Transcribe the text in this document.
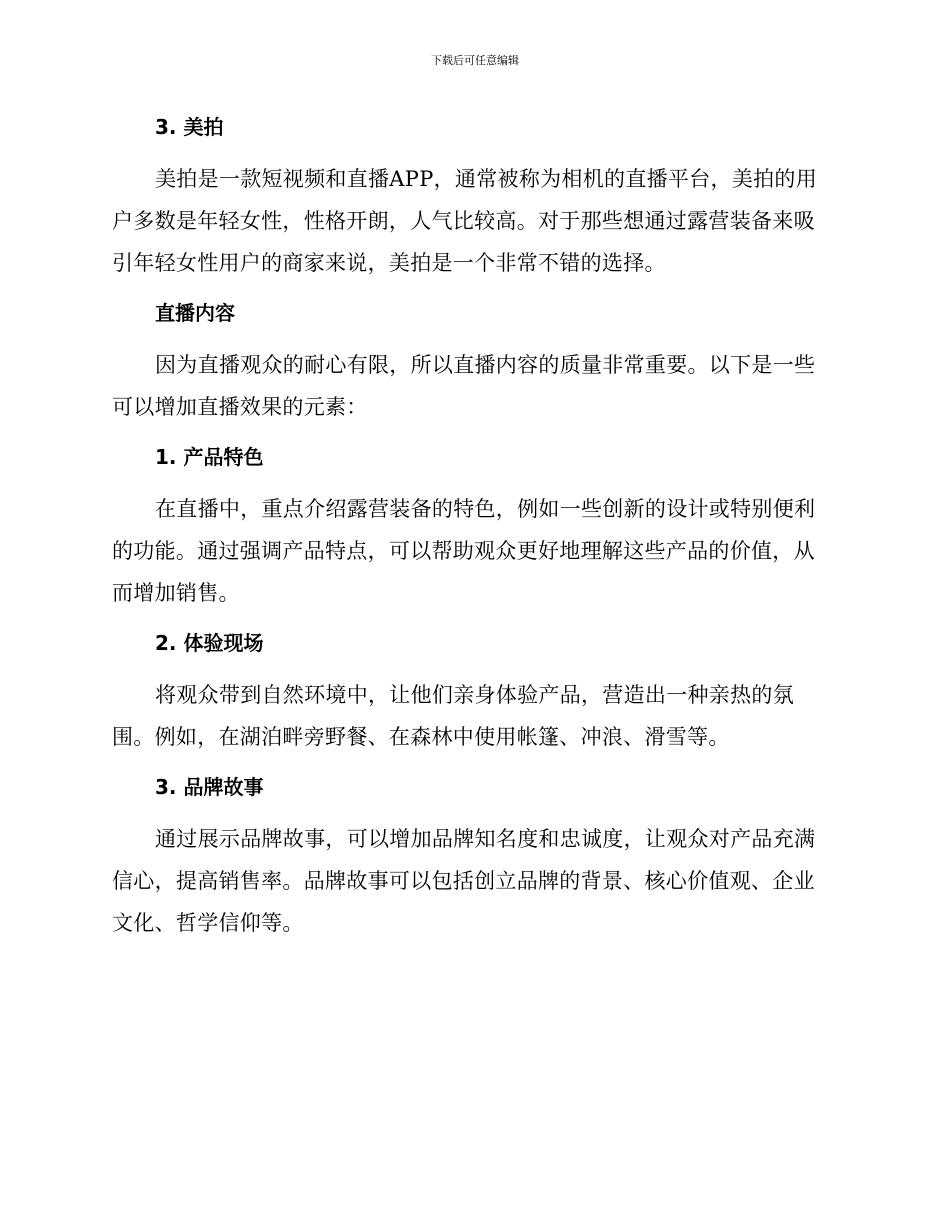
下载后可任意编辑
3. 美拍

美拍是一款短视频和直播APP，通常被称为相机的直播平台，美拍的用户多数是年轻女性，性格开朗，人气比较高。对于那些想通过露营装备来吸引年轻女性用户的商家来说，美拍是一个非常不错的选择。

直播内容

因为直播观众的耐心有限，所以直播内容的质量非常重要。以下是一些可以增加直播效果的元素：

1. 产品特色

在直播中，重点介绍露营装备的特色，例如一些创新的设计或特别便利的功能。通过强调产品特点，可以帮助观众更好地理解这些产品的价值，从而增加销售。

2. 体验现场

将观众带到自然环境中，让他们亲身体验产品，营造出一种亲热的氛围。例如，在湖泊畔旁野餐、在森林中使用帐篷、冲浪、滑雪等。

3. 品牌故事

通过展示品牌故事，可以增加品牌知名度和忠诚度，让观众对产品充满信心，提高销售率。品牌故事可以包括创立品牌的背景、核心价值观、企业文化、哲学信仰等。
